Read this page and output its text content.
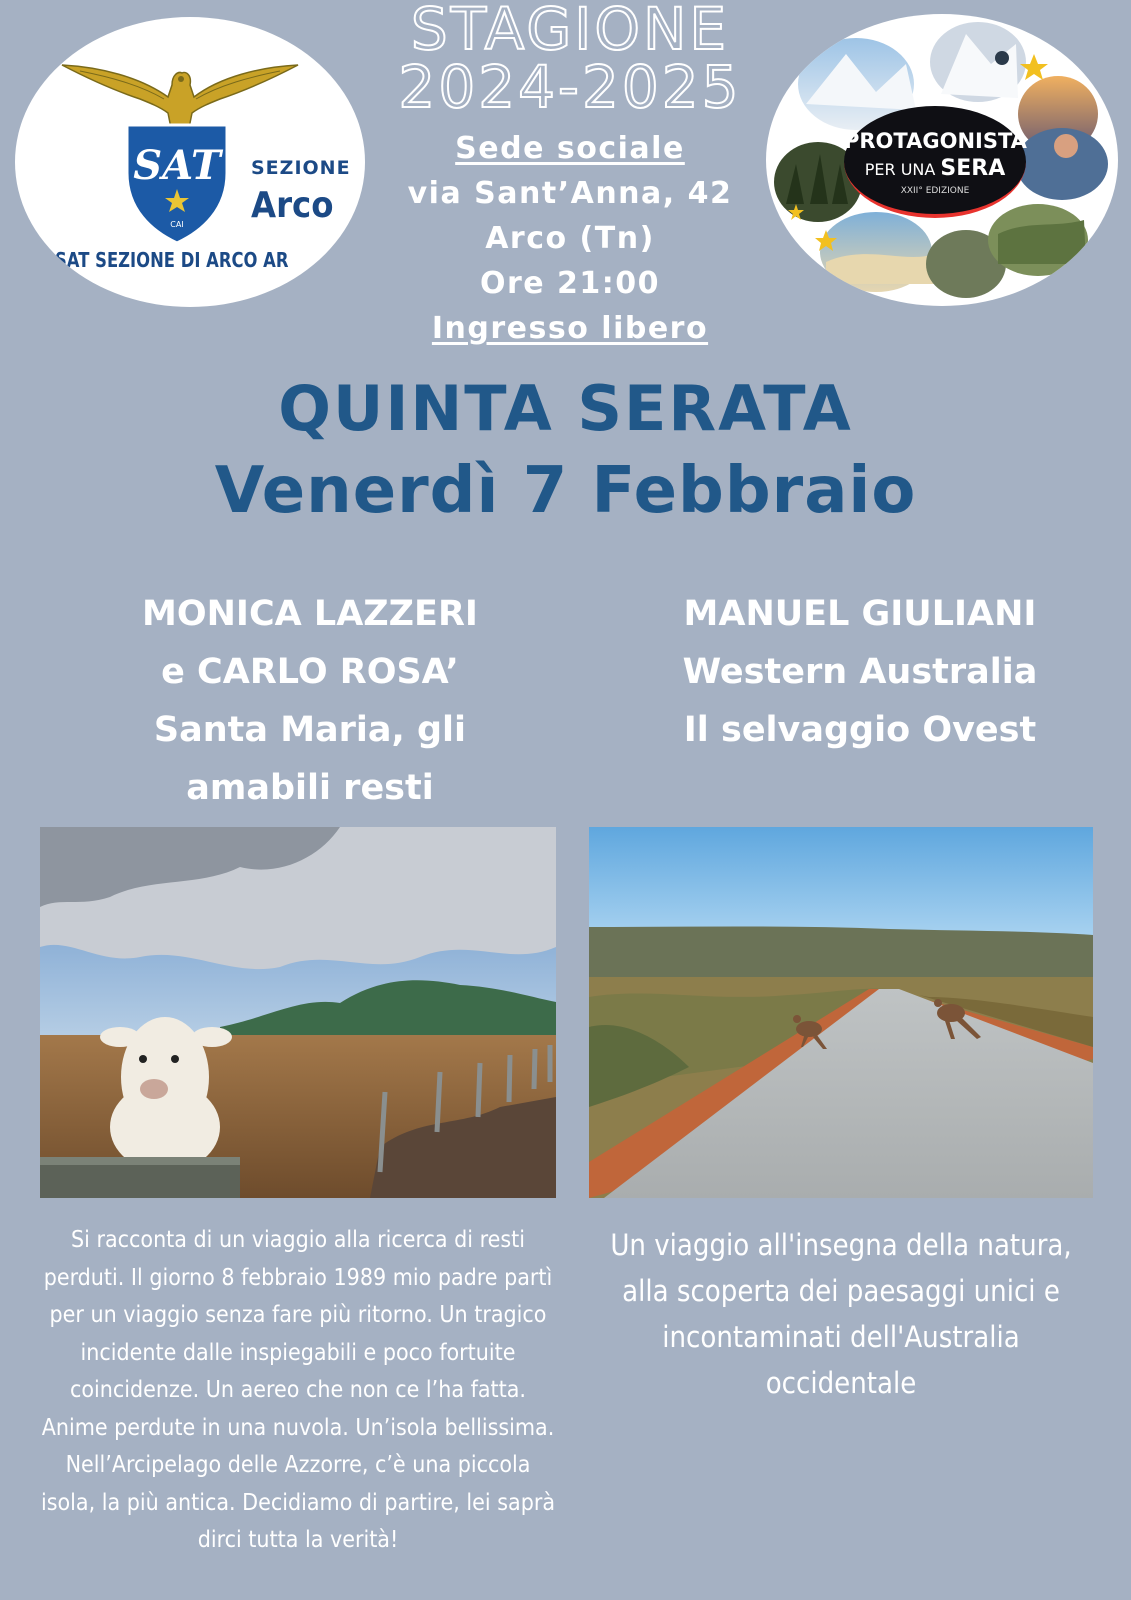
SAT
CAI
SEZIONE
Arco
SAT SEZIONE DI ARCO AR
PROTAGONISTA
PER UNA SERA
XXII° EDIZIONE
STAGIONE
2024-2025
Sede sociale
via Sant’Anna, 42
Arco (Tn)
Ore 21:00
Ingresso libero
QUINTA SERATA
Venerdì 7 Febbraio
MONICA LAZZERI
e CARLO ROSA’
Santa Maria, gli
amabili resti
Si racconta di un viaggio alla ricerca di resti perduti. Il giorno 8 febbraio 1989 mio padre partì per un viaggio senza fare più ritorno. Un tragico incidente dalle inspiegabili e poco fortuite coincidenze. Un aereo che non ce l’ha fatta. Anime perdute in una nuvola. Un’isola bellissima. Nell’Arcipelago delle Azzorre, c’è una piccola isola, la più antica. Decidiamo di partire, lei saprà dirci tutta la verità!
MANUEL GIULIANI
Western Australia
Il selvaggio Ovest
Un viaggio all'insegna della natura, alla scoperta dei paesaggi unici e incontaminati dell'Australia occidentale
